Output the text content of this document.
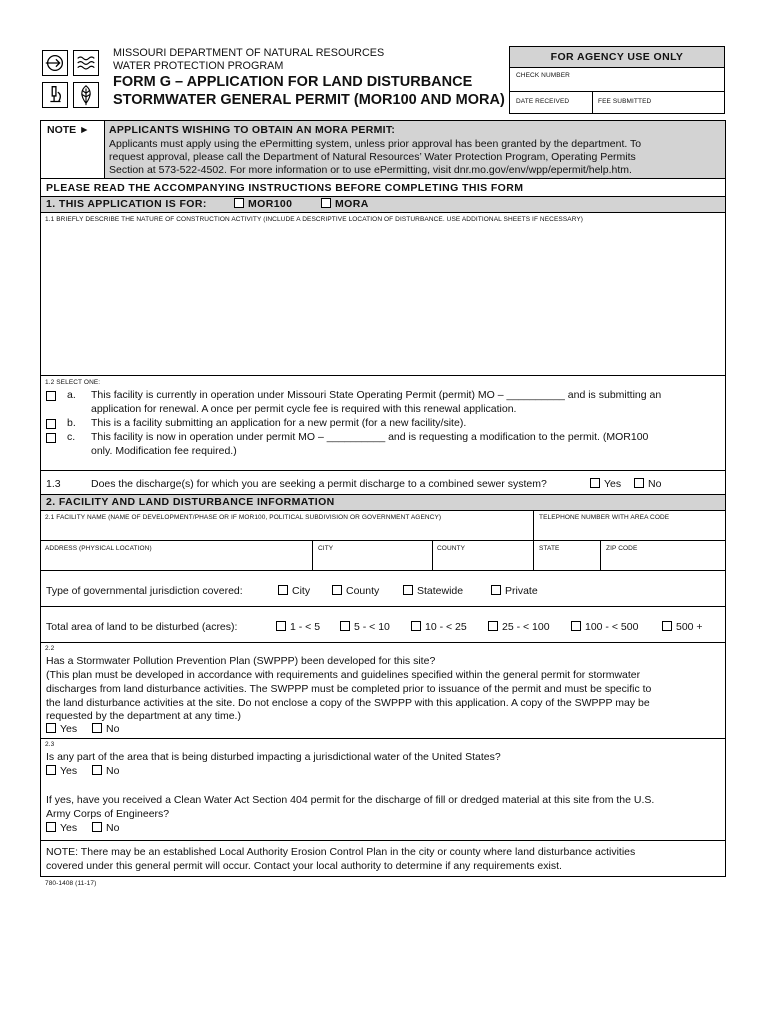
MISSOURI DEPARTMENT OF NATURAL RESOURCES
WATER PROTECTION PROGRAM
FORM G – APPLICATION FOR LAND DISTURBANCE
STORMWATER GENERAL PERMIT (MOR100 AND MORA)
FOR AGENCY USE ONLY
CHECK NUMBER
DATE RECEIVED	FEE SUBMITTED
NOTE ► APPLICANTS WISHING TO OBTAIN AN MORA PERMIT:
Applicants must apply using the ePermitting system, unless prior approval has been granted by the department. To
request approval, please call the Department of Natural Resources’ Water Protection Program, Operating Permits
Section at 573-522-4502. For more information or to use ePermitting, visit dnr.mo.gov/env/wpp/epermit/help.htm.
PLEASE READ THE ACCOMPANYING INSTRUCTIONS BEFORE COMPLETING THIS FORM
1. THIS APPLICATION IS FOR:	MOR100	MORA
1.1 BRIEFLY DESCRIBE THE NATURE OF CONSTRUCTION ACTIVITY (INCLUDE A DESCRIPTIVE LOCATION OF DISTURBANCE. USE ADDITIONAL SHEETS IF NECESSARY)
1.2 SELECT ONE:
a. This facility is currently in operation under Missouri State Operating Permit (permit) MO – __________ and is submitting an
application for renewal. A once per permit cycle fee is required with this renewal application.
b. This is a facility submitting an application for a new permit (for a new facility/site).
c. This facility is now in operation under permit MO – __________ and is requesting a modification to the permit. (MOR100
only. Modification fee required.)
1.3	Does the discharge(s) for which you are seeking a permit discharge to a combined sewer system?	Yes	No
2. FACILITY AND LAND DISTURBANCE INFORMATION
2.1 FACILITY NAME (NAME OF DEVELOPMENT/PHASE OR IF MOR100, POLITICAL SUBDIVISION OR GOVERNMENT AGENCY)	TELEPHONE NUMBER WITH AREA CODE
ADDRESS (PHYSICAL LOCATION)	CITY	COUNTY	STATE	ZIP CODE
Type of governmental jurisdiction covered:	City	County	Statewide	Private
Total area of land to be disturbed (acres):	1 - < 5	5 - < 10	10 - < 25	25 - < 100	100 - < 500	500 +
2.2
Has a Stormwater Pollution Prevention Plan (SWPPP) been developed for this site?
(This plan must be developed in accordance with requirements and guidelines specified within the general permit for stormwater
discharges from land disturbance activities. The SWPPP must be completed prior to issuance of the permit and must be specific to
the land disturbance activities at the site. Do not enclose a copy of the SWPPP with this application. A copy of the SWPPP may be
requested by the department at any time.)
Yes	No
2.3
Is any part of the area that is being disturbed impacting a jurisdictional water of the United States?
Yes	No
If yes, have you received a Clean Water Act Section 404 permit for the discharge of fill or dredged material at this site from the U.S.
Army Corps of Engineers?
Yes	No
NOTE: There may be an established Local Authority Erosion Control Plan in the city or county where land disturbance activities
covered under this general permit will occur. Contact your local authority to determine if any requirements exist.
780-1408 (11-17)
